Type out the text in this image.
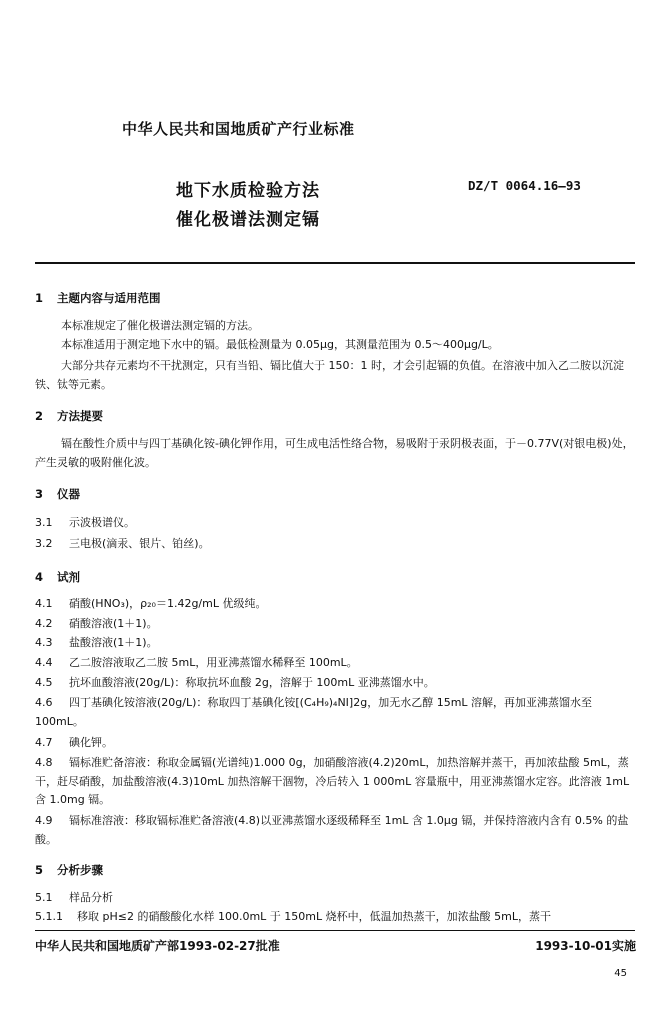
中华人民共和国地质矿产行业标准
地下水质检验方法
催化极谱法测定镉
DZ/T 0064.16—93
1 主题内容与适用范围
本标准规定了催化极谱法测定镉的方法。
本标准适用于测定地下水中的镉。最低检测量为 0.05μg，其测量范围为 0.5～400μg/L。
大部分共存元素均不干扰测定，只有当铅、镉比值大于 150：1 时，才会引起镉的负值。在溶液中加入乙二胺以沉淀铁、钛等元素。
2 方法提要
镉在酸性介质中与四丁基碘化铵-碘化钾作用，可生成电活性络合物，易吸附于汞阴极表面，于－0.77V(对银电极)处，产生灵敏的吸附催化波。
3 仪器
3.1 示波极谱仪。
3.2 三电极(滴汞、银片、铂丝)。
4 试剂
4.1 硝酸(HNO₃)，ρ₂₀＝1.42g/mL 优级纯。
4.2 硝酸溶液(1＋1)。
4.3 盐酸溶液(1＋1)。
4.4 乙二胺溶液取乙二胺 5mL，用亚沸蒸馏水稀释至 100mL。
4.5 抗坏血酸溶液(20g/L)：称取抗坏血酸 2g，溶解于 100mL 亚沸蒸馏水中。
4.6 四丁基碘化铵溶液(20g/L)：称取四丁基碘化铵[(C₄H₉)₄NI]2g，加无水乙醇 15mL 溶解，再加亚沸蒸馏水至 100mL。
4.7 碘化钾。
4.8 镉标准贮备溶液：称取金属镉(光谱纯)1.000 0g，加硝酸溶液(4.2)20mL，加热溶解并蒸干，再加浓盐酸 5mL，蒸干，赶尽硝酸，加盐酸溶液(4.3)10mL 加热溶解干涸物，冷后转入 1 000mL 容量瓶中，用亚沸蒸馏水定容。此溶液 1mL 含 1.0mg 镉。
4.9 镉标准溶液：移取镉标准贮备溶液(4.8)以亚沸蒸馏水逐级稀释至 1mL 含 1.0μg 镉，并保持溶液内含有 0.5% 的盐酸。
5 分析步骤
5.1 样品分析
5.1.1 移取 pH≤2 的硝酸酸化水样 100.0mL 于 150mL 烧杯中，低温加热蒸干，加浓盐酸 5mL，蒸干
中华人民共和国地质矿产部1993-02-27批准	1993-10-01实施
45
